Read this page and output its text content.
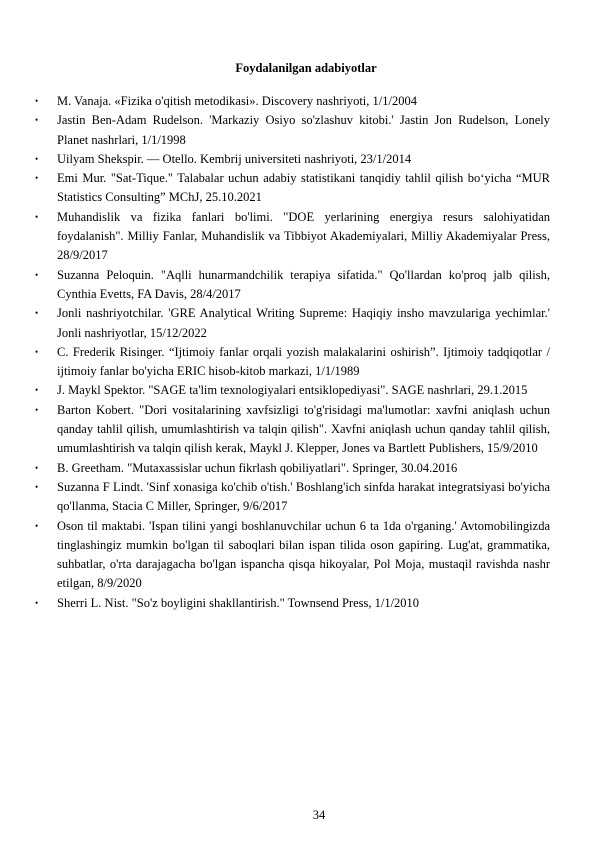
Foydalanilgan adabiyotlar
•	M. Vanaja. «Fizika o'qitish metodikasi». Discovery nashriyoti, 1/1/2004
•	Jastin Ben-Adam Rudelson. 'Markaziy Osiyo so'zlashuv kitobi.' Jastin Jon Rudelson, Lonely Planet nashrlari, 1/1/1998
•	Uilyam Shekspir. — Otello. Kembrij universiteti nashriyoti, 23/1/2014
•	Emi Mur. "Sat-Tique." Talabalar uchun adabiy statistikani tanqidiy tahlil qilish bo‘yicha “MUR Statistics Consulting” MChJ, 25.10.2021
•	Muhandislik va fizika fanlari bo'limi. "DOE yerlarining energiya resurs salohiyatidan foydalanish". Milliy Fanlar, Muhandislik va Tibbiyot Akademiyalari, Milliy Akademiyalar Press, 28/9/2017
•	Suzanna Peloquin. "Aqlli hunarmandchilik terapiya sifatida." Qo'llardan ko'proq jalb qilish, Cynthia Evetts, FA Davis, 28/4/2017
•	Jonli nashriyotchilar. 'GRE Analytical Writing Supreme: Haqiqiy insho mavzulariga yechimlar.' Jonli nashriyotlar, 15/12/2022
•	C. Frederik Risinger. “Ijtimoiy fanlar orqali yozish malakalarini oshirish”. Ijtimoiy tadqiqotlar / ijtimoiy fanlar bo'yicha ERIC hisob-kitob markazi, 1/1/1989
•	J. Maykl Spektor. "SAGE ta'lim texnologiyalari entsiklopediyasi". SAGE nashrlari, 29.1.2015
•	Barton Kobert. "Dori vositalarining xavfsizligi to'g'risidagi ma'lumotlar: xavfni aniqlash uchun qanday tahlil qilish, umumlashtirish va talqin qilish". Xavfni aniqlash uchun qanday tahlil qilish, umumlashtirish va talqin qilish kerak, Maykl J. Klepper, Jones va Bartlett Publishers, 15/9/2010
•	B. Greetham. "Mutaxassislar uchun fikrlash qobiliyatlari". Springer, 30.04.2016
•	Suzanna F Lindt. 'Sinf xonasiga ko'chib o'tish.' Boshlang'ich sinfda harakat integratsiyasi bo'yicha qo'llanma, Stacia C Miller, Springer, 9/6/2017
•	Oson til maktabi. 'Ispan tilini yangi boshlanuvchilar uchun 6 ta 1da o'rganing.' Avtomobilingizda tinglashingiz mumkin bo'lgan til saboqlari bilan ispan tilida oson gapiring. Lug'at, grammatika, suhbatlar, o'rta darajagacha bo'lgan ispancha qisqa hikoyalar, Pol Moja, mustaqil ravishda nashr etilgan, 8/9/2020
•	Sherri L. Nist. "So'z boyligini shakllantirish." Townsend Press, 1/1/2010
34
